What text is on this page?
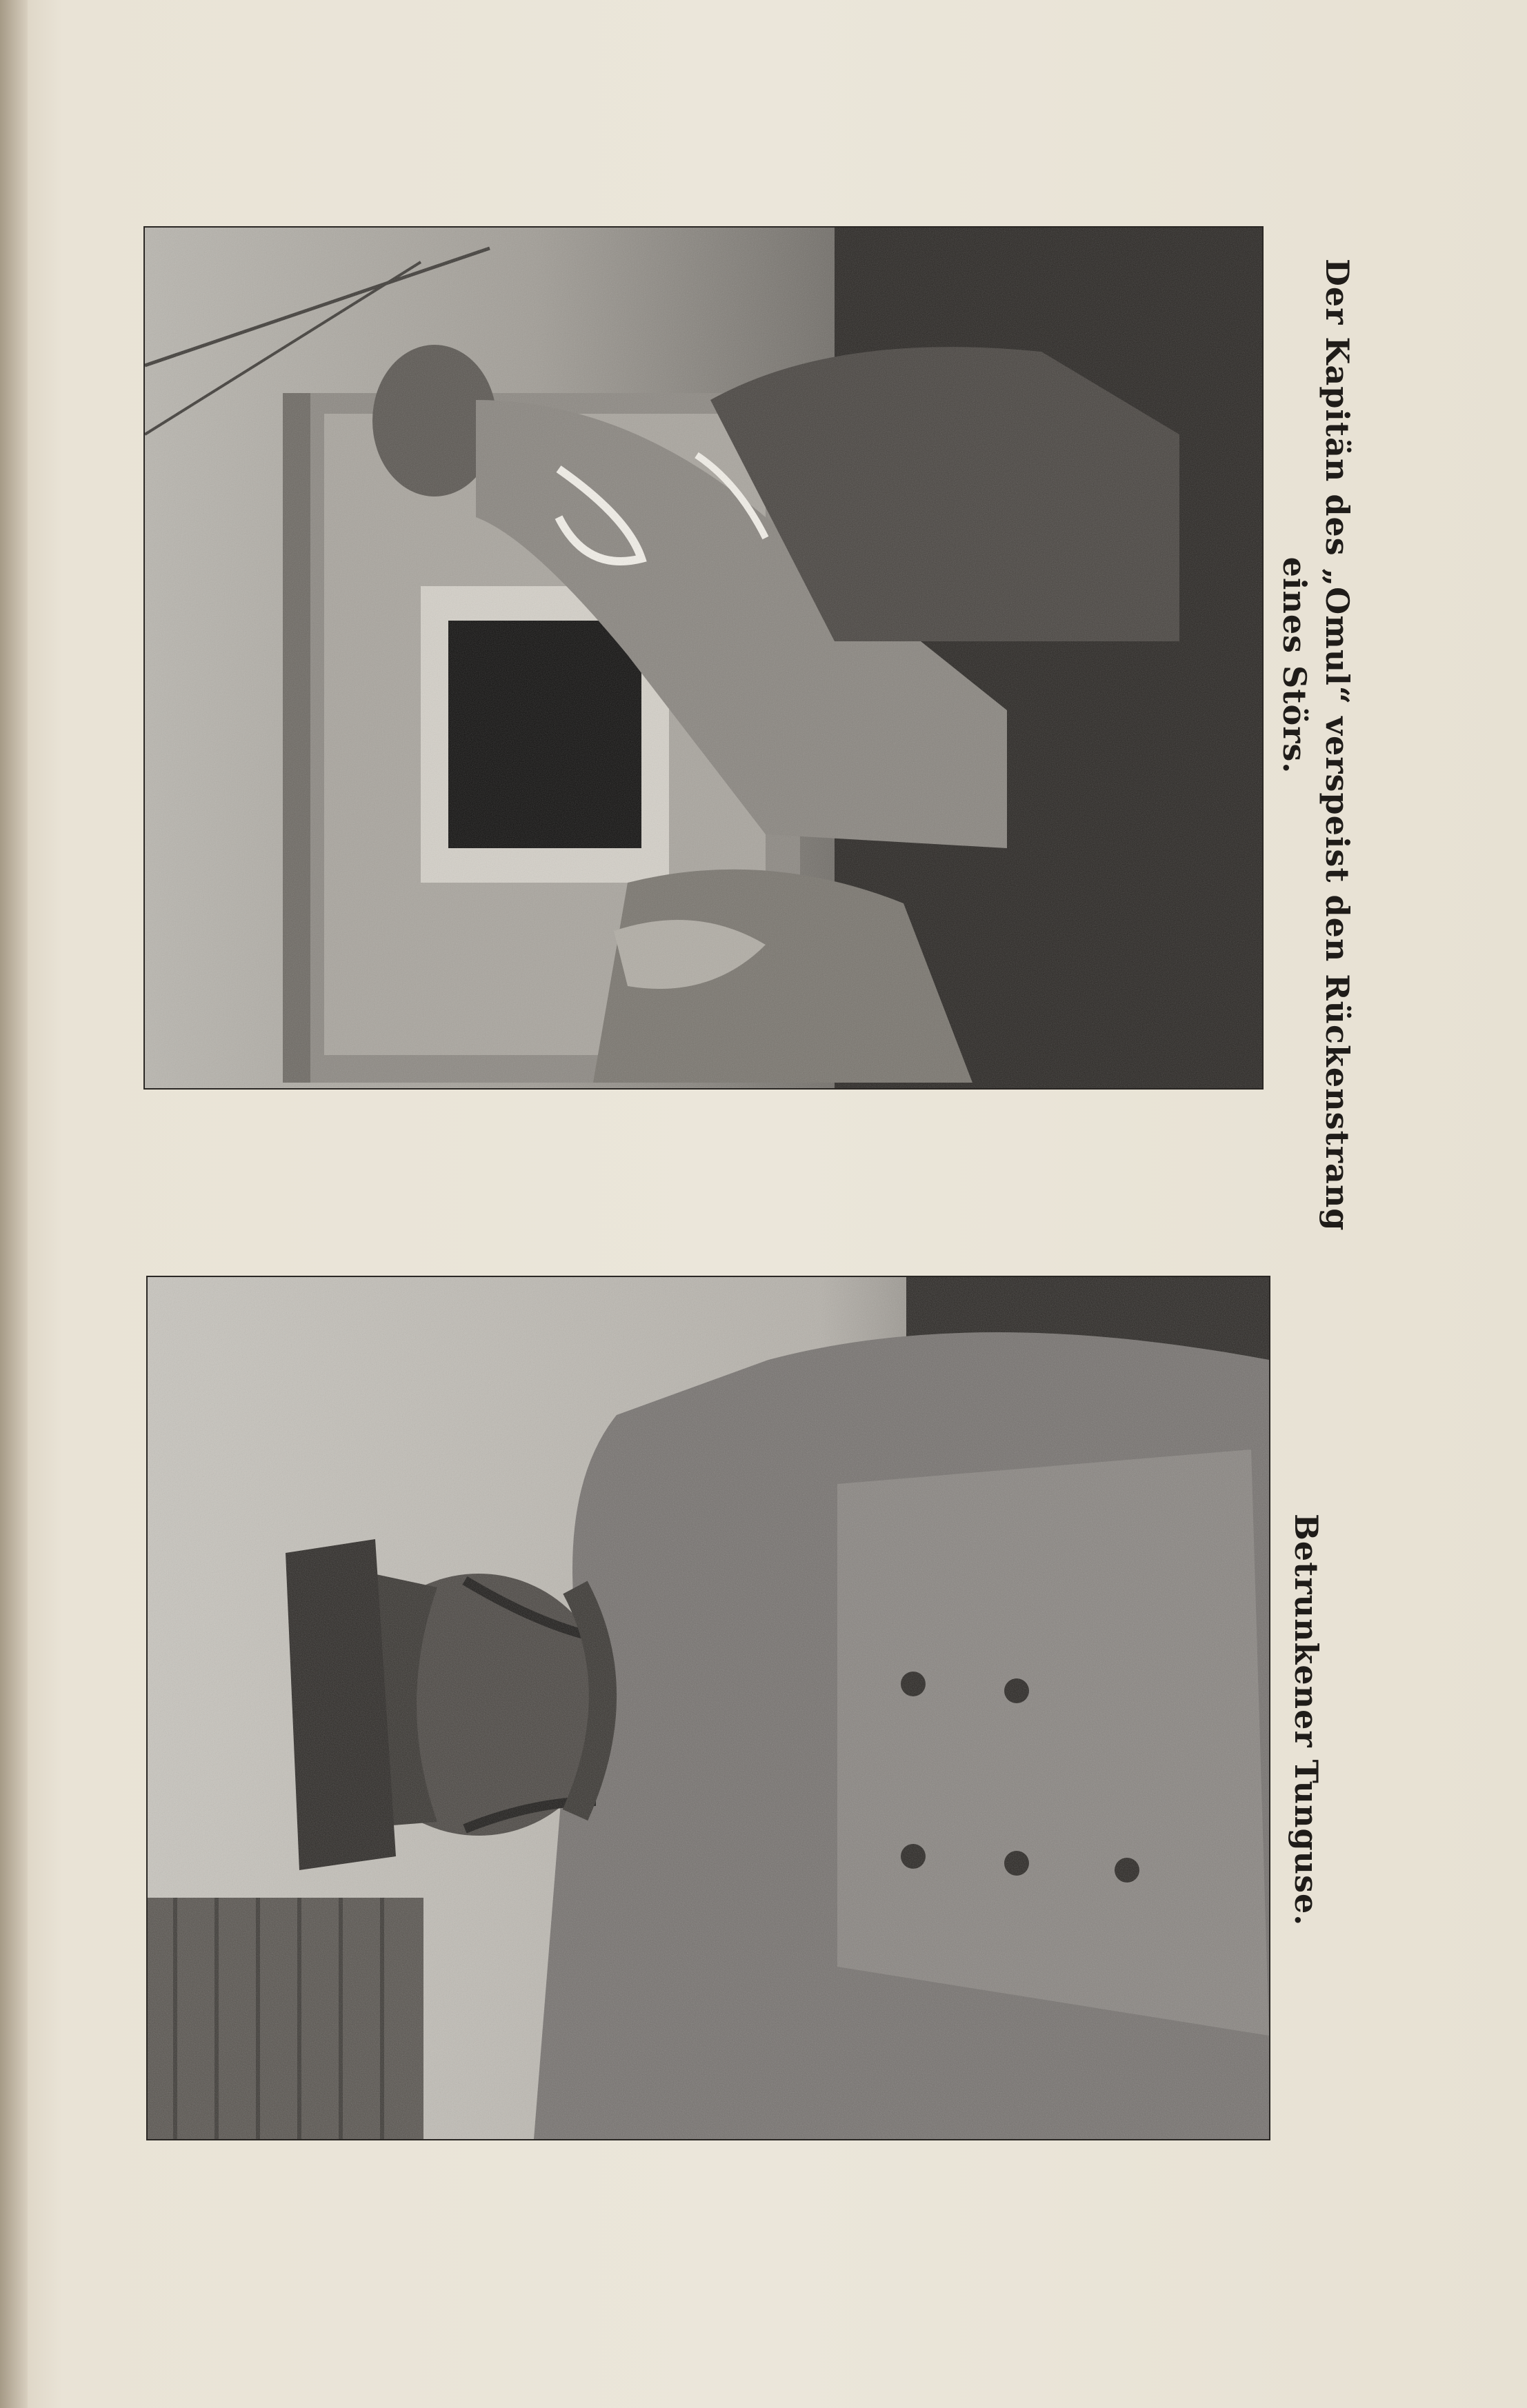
Der Kapitän des „Omul“ verspeist den Rückenstrang
eines Störs.
Betrunkener Tunguse.
